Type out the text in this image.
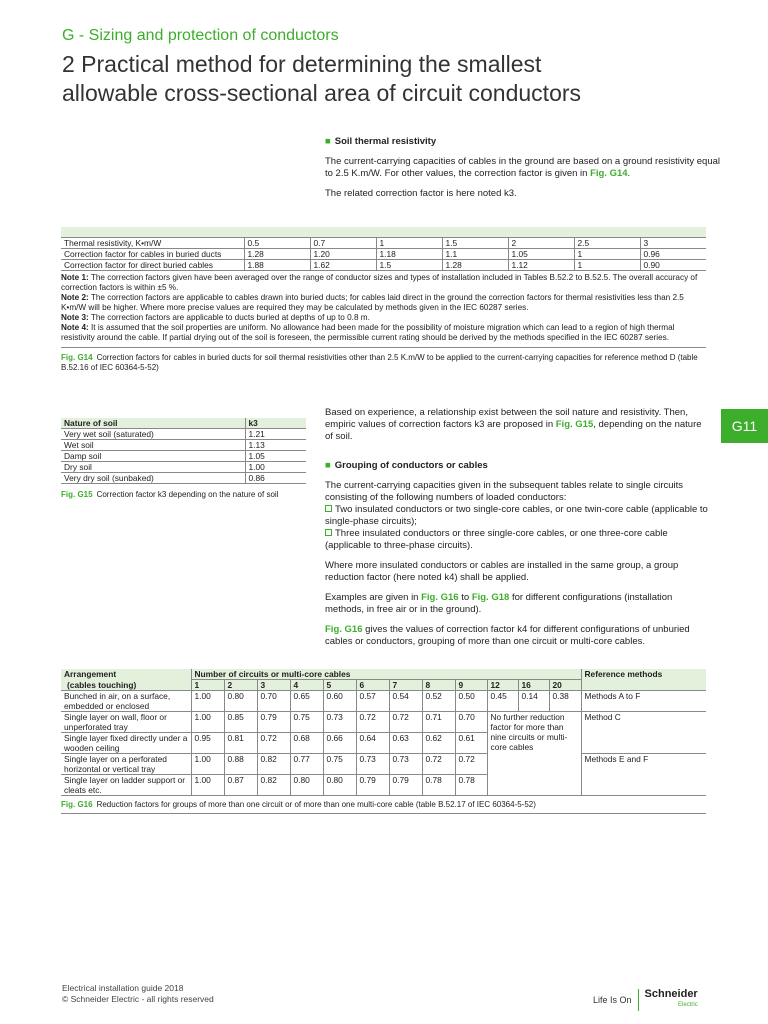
G - Sizing and protection of conductors
2 Practical method for determining the smallest
allowable cross-sectional area of circuit conductors
■ Soil thermal resistivity

The current-carrying capacities of cables in the ground are based on a ground resistivity equal to 2.5 K.m/W. For other values, the correction factor is given in Fig. G14.

The related correction factor is here noted k3.

Thermal resistivity, K•m/W	0.5	0.7	1	1.5	2	2.5	3
Correction factor for cables in buried ducts	1.28	1.20	1.18	1.1	1.05	1	0.96
Correction factor for direct buried cables	1.88	1.62	1.5	1.28	1.12	1	0.90
Note 1: The correction factors given have been averaged over the range of conductor sizes and types of installation included in Tables B.52.2 to B.52.5. The overall accuracy of correction factors is within ±5 %.
Note 2: The correction factors are applicable to cables drawn into buried ducts; for cables laid direct in the ground the correction factors for thermal resistivities less than 2.5 K•m/W will be higher. Where more precise values are required they may be calculated by methods given in the IEC 60287 series.
Note 3: The correction factors are applicable to ducts buried at depths of up to 0.8 m.
Note 4: It is assumed that the soil properties are uniform. No allowance had been made for the possibility of moisture migration which can lead to a region of high thermal resistivity around the cable. If partial drying out of the soil is foreseen, the permissible current rating should be derived by the methods specified in the IEC 60287 series.
Fig. G14 Correction factors for cables in buried ducts for soil thermal resistivities other than 2.5 K.m/W to be applied to the current-carrying capacities for reference method D (table B.52.16 of IEC 60364-5-52)
G11
Nature of soil	k3
Very wet soil (saturated)	1.21
Wet soil	1.13
Damp soil	1.05
Dry soil	1.00
Very dry soil (sunbaked)	0.86
Fig. G15 Correction factor k3 depending on the nature of soil

Based on experience, a relationship exist between the soil nature and resistivity. Then, empiric values of correction factors k3 are proposed in Fig. G15, depending on the nature of soil.

■ Grouping of conductors or cables

The current-carrying capacities given in the subsequent tables relate to single circuits consisting of the following numbers of loaded conductors:

Two insulated conductors or two single-core cables, or one twin-core cable (applicable to single-phase circuits);

Three insulated conductors or three single-core cables, or one three-core cable (applicable to three-phase circuits).

Where more insulated conductors or cables are installed in the same group, a group reduction factor (here noted k4) shall be applied.

Examples are given in Fig. G16 to Fig. G18 for different configurations (installation methods, in free air or in the ground).

Fig. G16 gives the values of correction factor k4 for different configurations of unburied cables or conductors, grouping of more than one circuit or multi-core cables.

Arrangement	Number of circuits or multi-core cables												Reference methods
(cables touching)	1	2	3	4	5	6	7	8	9	12	16	20	
Bunched in air, on a surface, embedded or enclosed	1.00	0.80	0.70	0.65	0.60	0.57	0.54	0.52	0.50	0.45	0.14	0.38	Methods A to F
Single layer on wall, floor or unperforated tray	1.00	0.85	0.79	0.75	0.73	0.72	0.72	0.71	0.70	No further reduction factor for more than nine circuits or multi-core cables			Method C
Single layer fixed directly under a wooden ceiling	0.95	0.81	0.72	0.68	0.66	0.64	0.63	0.62	0.61				
Single layer on a perforated horizontal or vertical tray	1.00	0.88	0.82	0.77	0.75	0.73	0.73	0.72	0.72				Methods E and F
Single layer on ladder support or cleats etc.	1.00	0.87	0.82	0.80	0.80	0.79	0.79	0.78	0.78				
Fig. G16 Reduction factors for groups of more than one circuit or of more than one multi-core cable (table B.52.17 of IEC 60364-5-52)
Electrical installation guide 2018
© Schneider Electric - all rights reserved	Life Is On Schneider
Electric
